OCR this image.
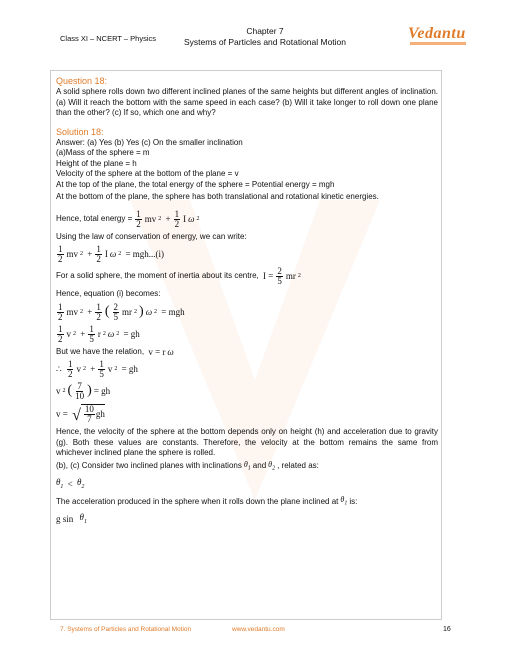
Class XI – NCERT – Physics
Chapter 7
Systems of Particles and Rotational Motion	Vedantu
Question 18:

A solid sphere rolls down two different inclined planes of the same heights but different angles of inclination. (a) Will it reach the bottom with the same speed in each case? (b) Will it take longer to roll down one plane than the other? (c) If so, which one and why?

Solution 18:

Answer: (a) Yes (b) Yes (c) On the smaller inclination

(a)Mass of the sphere = m

Height of the plane = h

Velocity of the sphere at the bottom of the plane = v

At the top of the plane, the total energy of the sphere = Potential energy = mgh

At the bottom of the plane, the sphere has both translational and rotational kinetic energies.

Hence, total energy = $\frac{1}{2}$ mv $2 + \frac{1}{2}$ I ω 2

Using the law of conservation of energy, we can write:

$\frac{1}{2}$ mv $2 + \frac{1}{2}$ I ω 2 = mgh...(i)
For a solid sphere, the moment of inertia about its centre, $I = \frac{2}{5}$ mr 2

Hence, equation (i) becomes:

$\frac{1}{2}$ mv $2 + \frac{1}{2}$ ( $\frac{2}{5}$ mr 2 ) ω 2 = mgh
$\frac{1}{2}$ v $2 + \frac{1}{5}$ r 2 ω 2 = gh
But we have the relation, v = r ω
∴ $\frac{1}{2}$ v $2 + \frac{1}{5}$ v 2 = gh
v 2 ( $\frac{7}{10}$ ) = gh
v = √ $\frac{10}{7}$ gh

Hence, the velocity of the sphere at the bottom depends only on height (h) and acceleration due to gravity (g). Both these values are constants. Therefore, the velocity at the bottom remains the same from whichever inclined plane the sphere is rolled.

(b), (c) Consider two inclined planes with inclinations $\theta_1$ and $\theta_2$ , related as:
$\theta_1 < \theta_2$
The acceleration produced in the sphere when it rolls down the plane inclined at $\theta_1$ is:
g sin
$\theta_1$
7. Systems of Particles and Rotational Motion	www.vedantu.com	16
